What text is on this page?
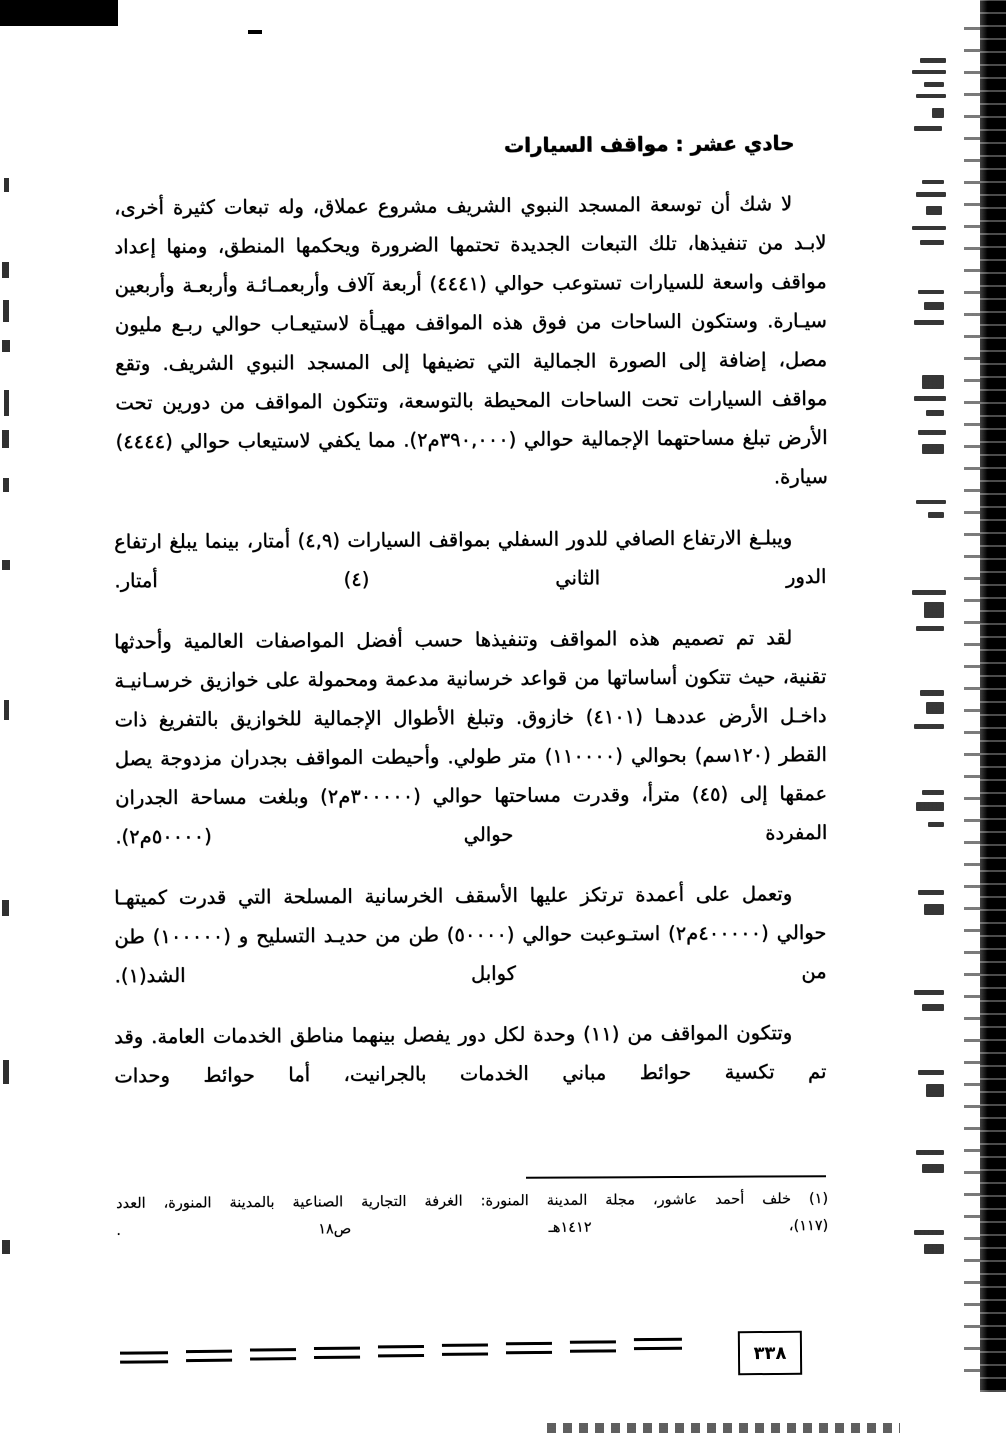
حادي عشر : مواقف السيارات

لا شك أن توسعة المسجد النبوي الشريف مشروع عملاق، وله تبعات كثيرة أخرى، لابـد من تنفيذها، تلك التبعات الجديدة تحتمها الضرورة ويحكمها المنطق، ومنها إعداد مواقف واسعة للسيارات تستوعب حوالي (٤٤٤١) أربعة آلاف وأربعمـائـة وأربعـة وأربعين سيـارة. وستكون الساحات من فوق هذه المواقف مهيـأة لاستيعـاب حوالي ربـع مليون مصل، إضافة إلى الصورة الجمالية التي تضيفها إلى المسجد النبوي الشريف. وتقع مواقف السيارات تحت الساحات المحيطة بالتوسعة، وتتكون المواقف من دورين تحت الأرض تبلغ مساحتهما الإجمالية حوالي (٣٩٠,٠٠٠م٢). مما يكفي لاستيعاب حوالي (٤٤٤٤) سيارة.

ويبلـغ الارتفاع الصافي للدور السفلي بمواقف السيارات (٤,٩) أمتار، بينما يبلغ ارتفاع الدور الثاني (٤) أمتار.

لقد تم تصميم هذه المواقف وتنفيذها حسب أفضل المواصفات العالمية وأحدثها تقنية، حيث تتكون أساساتها من قواعد خرسانية مدعمة ومحمولة على خوازيق خرسـانيـة داخـل الأرض عددهـا (٤١٠١) خازوق. وتبلغ الأطوال الإجمالية للخوازيق بالتفريغ ذات القطر (١٢٠سم) بحوالي (١١٠٠٠٠) متر طولي. وأحيطت المواقف بجدران مزدوجة يصل عمقها إلى (٤٥) مترأ، وقدرت مساحتها حوالي (٣٠٠٠٠٠م٢) وبلغت مساحة الجدران المفردة حوالي (٥٠٠٠٠م٢).

وتعمل على أعمدة ترتكز عليها الأسقف الخرسانية المسلحة التي قدرت كميتهـا حوالي (٤٠٠٠٠٠م٢) استـوعبت حوالي (٥٠٠٠٠) طن من حديـد التسليح و (١٠٠٠٠٠) طن من كوابل الشد(١).

وتتكون المواقف من (١١) وحدة لكل دور يفصل بينهما مناطق الخدمات العامة. وقد تم تكسية حوائط مباني الخدمات بالجرانيت، أما حوائط وحدات

(١) خلف أحمد عاشور، مجلة المدينة المنورة: الغرفة التجارية الصناعية بالمدينة المنورة، العدد
(١١٧)، ١٤١٢هـ ص١٨ .
٣٣٨
